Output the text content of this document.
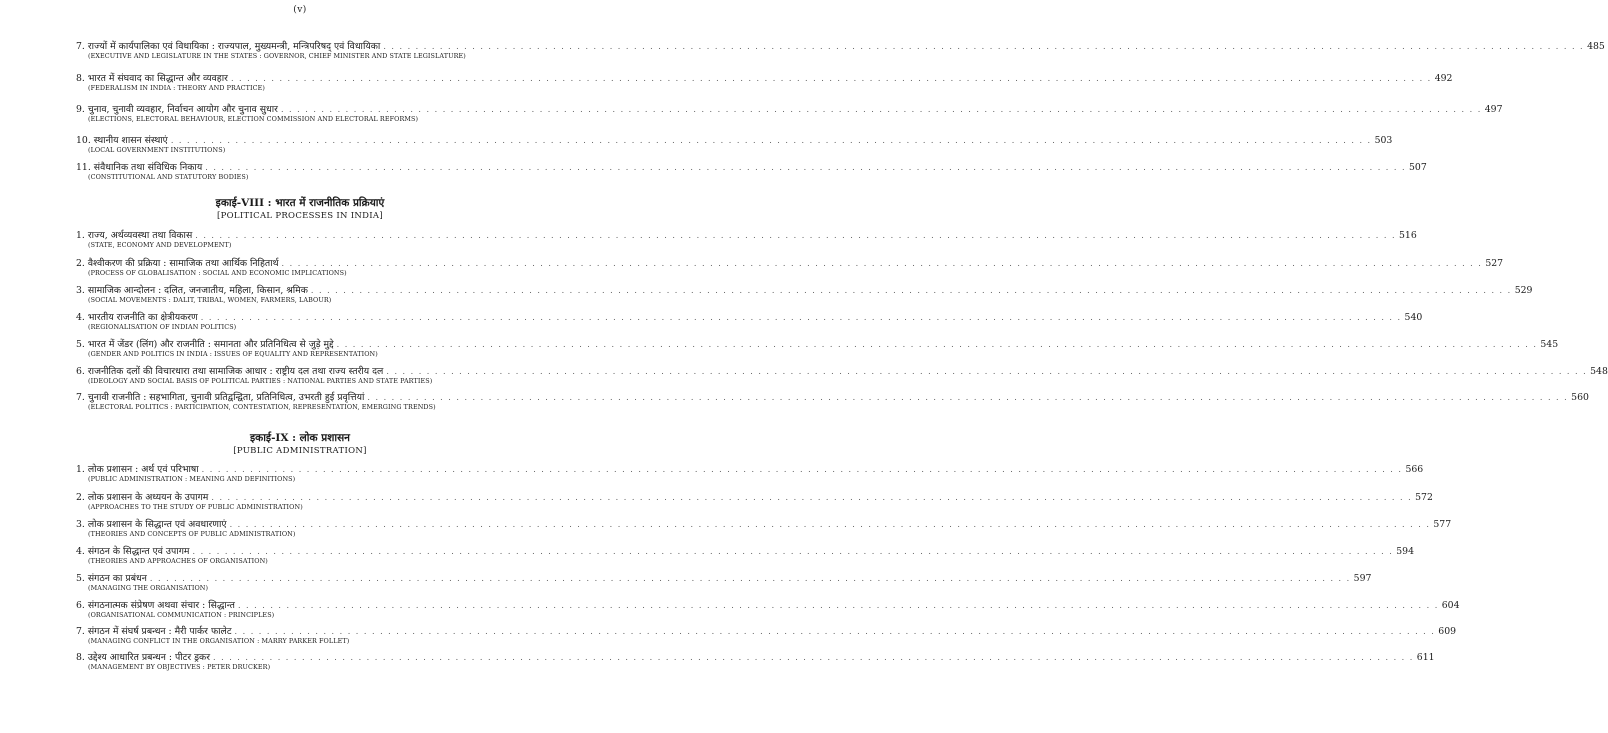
(v)
7. राज्यों में कार्यपालिका एवं विधायिका : राज्यपाल, मुख्यमन्त्री, मन्त्रिपरिषद् एवं विधायिका . . .	485
(EXECUTIVE AND LEGISLATURE IN THE STATES : GOVERNOR, CHIEF MINISTER AND STATE LEGISLATURE)
8. भारत में संघवाद का सिद्धान्त और व्यवहार . . .	492
(FEDERALISM IN INDIA : THEORY AND PRACTICE)
9. चुनाव, चुनावी व्यवहार, निर्वाचन आयोग और चुनाव सुधार . . .	497
(ELECTIONS, ELECTORAL BEHAVIOUR, ELECTION COMMISSION AND ELECTORAL REFORMS)
10. स्थानीय शासन संस्थाएं . . .	503
(LOCAL GOVERNMENT INSTITUTIONS)
11. संवैधानिक तथा संविधिक निकाय . . .	507
(CONSTITUTIONAL AND STATUTORY BODIES)
इकाई-VIII : भारत में राजनीतिक प्रक्रियाएं
[POLITICAL PROCESSES IN INDIA]
1. राज्य, अर्थव्यवस्था तथा विकास . . .	516
(STATE, ECONOMY AND DEVELOPMENT)
2. वैश्वीकरण की प्रक्रिया : सामाजिक तथा आर्थिक निहितार्थ . . .	527
(PROCESS OF GLOBALISATION : SOCIAL AND ECONOMIC IMPLICATIONS)
3. सामाजिक आन्दोलन : दलित, जनजातीय, महिला, किसान, श्रमिक . . .	529
(SOCIAL MOVEMENTS : DALIT, TRIBAL, WOMEN, FARMERS, LABOUR)
4. भारतीय राजनीति का क्षेत्रीयकरण . . .	540
(REGIONALISATION OF INDIAN POLITICS)
5. भारत में जेंडर (लिंग) और राजनीति : समानता और प्रतिनिधित्व से जुड़े मुद्दे . . .	545
(GENDER AND POLITICS IN INDIA : ISSUES OF EQUALITY AND REPRESENTATION)
6. राजनीतिक दलों की विचारधारा तथा सामाजिक आधार : राष्ट्रीय दल तथा राज्य स्तरीय दल . . .	548
(IDEOLOGY AND SOCIAL BASIS OF POLITICAL PARTIES : NATIONAL PARTIES AND STATE PARTIES)
7. चुनावी राजनीति : सहभागिता, चुनावी प्रतिद्वन्द्विता, प्रतिनिधित्व, उभरती हुई प्रवृत्तियां . . .	560
(ELECTORAL POLITICS : PARTICIPATION, CONTESTATION, REPRESENTATION, EMERGING TRENDS)
इकाई-IX : लोक प्रशासन
[PUBLIC ADMINISTRATION]
1. लोक प्रशासन : अर्थ एवं परिभाषा . . .	566
(PUBLIC ADMINISTRATION : MEANING AND DEFINITIONS)
2. लोक प्रशासन के अध्ययन के उपागम . . .	572
(APPROACHES TO THE STUDY OF PUBLIC ADMINISTRATION)
3. लोक प्रशासन के सिद्धान्त एवं अवधारणाएं . . .	577
(THEORIES AND CONCEPTS OF PUBLIC ADMINISTRATION)
4. संगठन के सिद्धान्त एवं उपागम . . .	594
(THEORIES AND APPROACHES OF ORGANISATION)
5. संगठन का प्रबंधन . . .	597
(MANAGING THE ORGANISATION)
6. संगठनात्मक संप्रेषण अथवा संचार : सिद्धान्त . . .	604
(ORGANISATIONAL COMMUNICATION : PRINCIPLES)
7. संगठन में संघर्ष प्रबन्धन : मैरी पार्कर फालेट . . .	609
(MANAGING CONFLICT IN THE ORGANISATION : MARRY PARKER FOLLET)
8. उद्देश्य आधारित प्रबन्धन : पीटर ड्रकर . . .	611
(MANAGEMENT BY OBJECTIVES : PETER DRUCKER)
